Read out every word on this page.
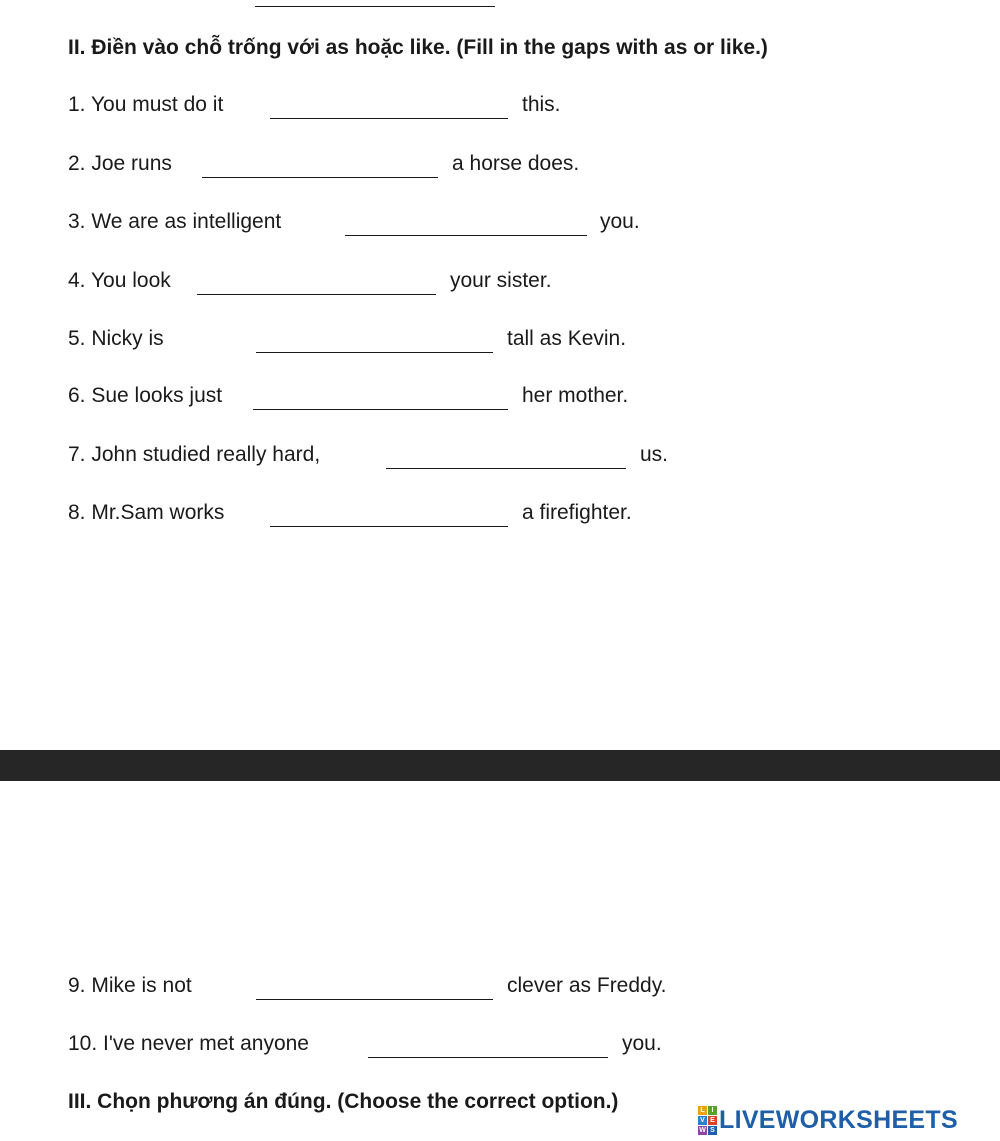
II. Điền vào chỗ trống với as hoặc like. (Fill in the gaps with as or like.)
1. You must do it	this.
2. Joe runs	a horse does.
3. We are as intelligent	you.
4. You look	your sister.
5. Nicky is	tall as Kevin.
6. Sue looks just	her mother.
7. John studied really hard,	us.
8. Mr.Sam works	a firefighter.
9. Mike is not	clever as Freddy.
10. I've never met anyone	you.
III. Chọn phương án đúng. (Choose the correct option.)	L I
V E
W S LIVEWORKSHEETS
